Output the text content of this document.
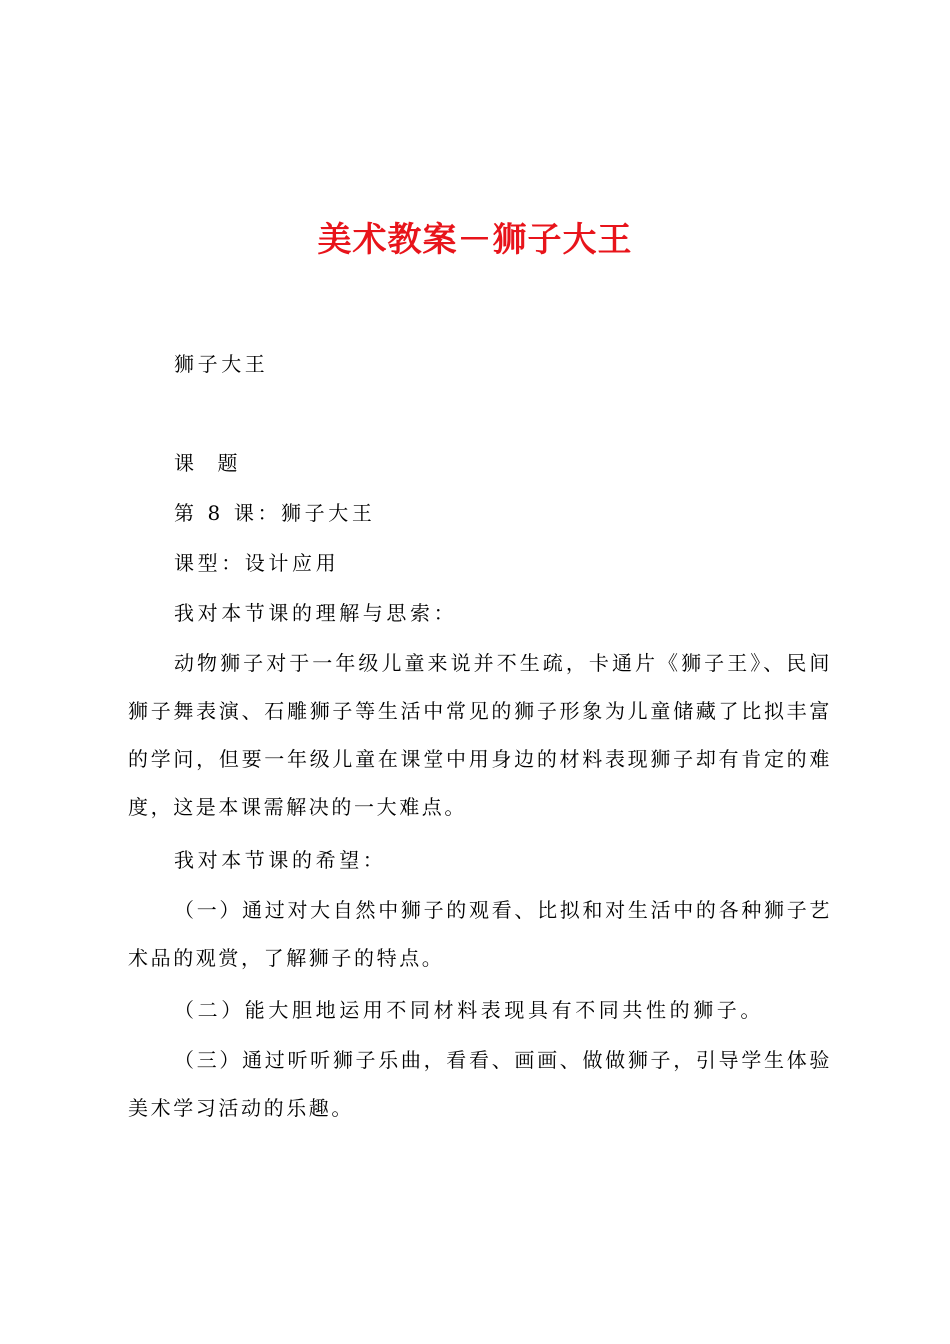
美术教案－狮子大王

狮子大王

课  题

第 8 课：狮子大王

课型：设计应用

我对本节课的理解与思索：

动物狮子对于一年级儿童来说并不生疏，卡通片《狮子王》、民间狮子舞表演、石雕狮子等生活中常见的狮子形象为儿童储藏了比拟丰富的学问，但要一年级儿童在课堂中用身边的材料表现狮子却有肯定的难度，这是本课需解决的一大难点。

我对本节课的希望：

（一）通过对大自然中狮子的观看、比拟和对生活中的各种狮子艺术品的观赏，了解狮子的特点。

（二）能大胆地运用不同材料表现具有不同共性的狮子。

（三）通过听听狮子乐曲，看看、画画、做做狮子，引导学生体验美术学习活动的乐趣。
